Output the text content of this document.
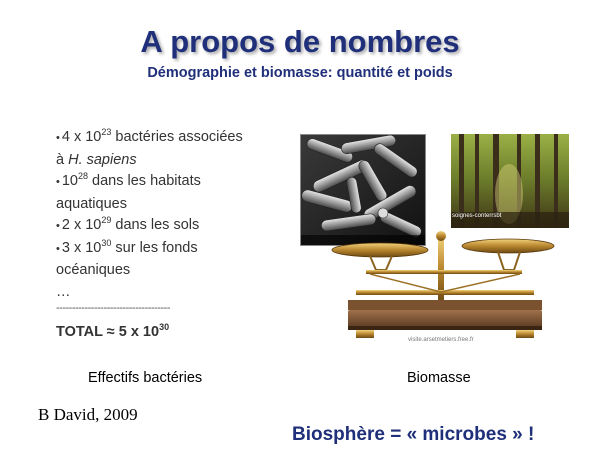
A propos de nombres
Démographie et biomasse: quantité et poids
• 4 x $10^{23}$ bactéries associées
à H. sapiens
• $10^{28}$ dans les habitats
aquatiques
• 2 x $10^{29}$ dans les sols
• 3 x $10^{30}$ sur les fonds
océaniques
…
------------------------------------
TOTAL ≈ 5 x $10^{30}$
soignes-conterrsbt
visite.arsetmetiers.free.fr
Effectifs bactéries	Biomasse
B David, 2009
Biosphère = « microbes » !
